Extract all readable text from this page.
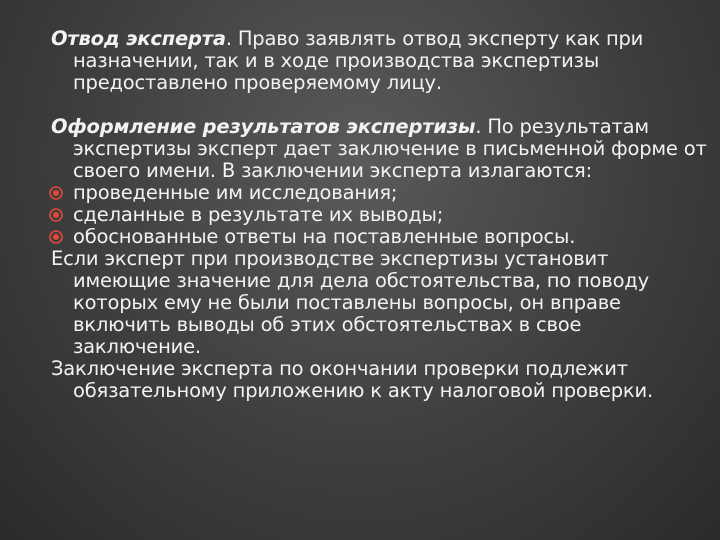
Отвод эксперта. Право заявлять отвод эксперту как при назначении, так и в ходе производства экспертизы предоставлено проверяемому лицу.

Оформление результатов экспертизы. По результатам экспертизы эксперт дает заключение в письменной форме от своего имени. В заключении эксперта излагаются:

проведенные им исследования;

сделанные в результате их выводы;

обоснованные ответы на поставленные вопросы.

Если эксперт при производстве экспертизы установит имеющие значение для дела обстоятельства, по поводу которых ему не были поставлены вопросы, он вправе включить выводы об этих обстоятельствах в свое заключение.

Заключение эксперта по окончании проверки подлежит обязательному приложению к акту налоговой проверки.
